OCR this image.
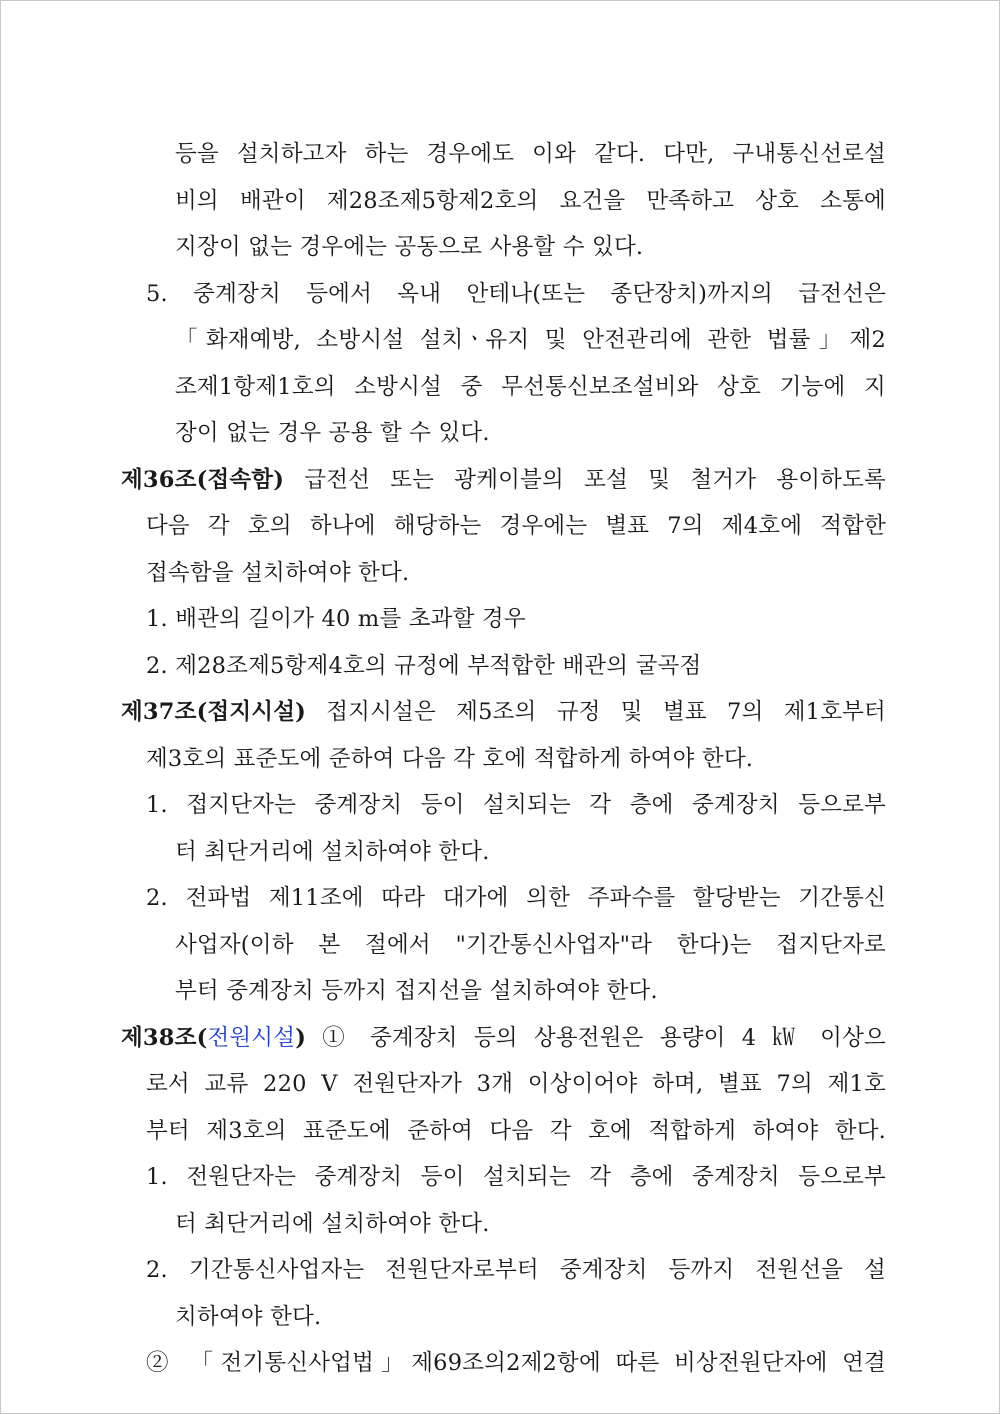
등을 설치하고자 하는 경우에도 이와 같다. 다만, 구내통신선로설
비의 배관이 제28조제5항제2호의 요건을 만족하고 상호 소통에
지장이 없는 경우에는 공동으로 사용할 수 있다.
5. 중계장치 등에서 옥내 안테나(또는 종단장치)까지의 급전선은
「화재예방, 소방시설 설치ㆍ유지 및 안전관리에 관한 법률」제2
조제1항제1호의 소방시설 중 무선통신보조설비와 상호 기능에 지
장이 없는 경우 공용 할 수 있다.
제36조(접속함) 급전선 또는 광케이블의 포설 및 철거가 용이하도록
다음 각 호의 하나에 해당하는 경우에는 별표 7의 제4호에 적합한
접속함을 설치하여야 한다.
1. 배관의 길이가 40 m를 초과할 경우
2. 제28조제5항제4호의 규정에 부적합한 배관의 굴곡점
제37조(접지시설) 접지시설은 제5조의 규정 및 별표 7의 제1호부터
제3호의 표준도에 준하여 다음 각 호에 적합하게 하여야 한다.
1. 접지단자는 중계장치 등이 설치되는 각 층에 중계장치 등으로부
터 최단거리에 설치하여야 한다.
2. 전파법 제11조에 따라 대가에 의한 주파수를 할당받는 기간통신
사업자(이하 본 절에서 "기간통신사업자"라 한다)는 접지단자로
부터 중계장치 등까지 접지선을 설치하여야 한다.
제38조(전원시설) ① 중계장치 등의 상용전원은 용량이 4 ㎾ 이상으
로서 교류 220 V 전원단자가 3개 이상이어야 하며, 별표 7의 제1호
부터 제3호의 표준도에 준하여 다음 각 호에 적합하게 하여야 한다.
1. 전원단자는 중계장치 등이 설치되는 각 층에 중계장치 등으로부
터 최단거리에 설치하여야 한다.
2. 기간통신사업자는 전원단자로부터 중계장치 등까지 전원선을 설
치하여야 한다.
② 「전기통신사업법」제69조의2제2항에 따른 비상전원단자에 연결
